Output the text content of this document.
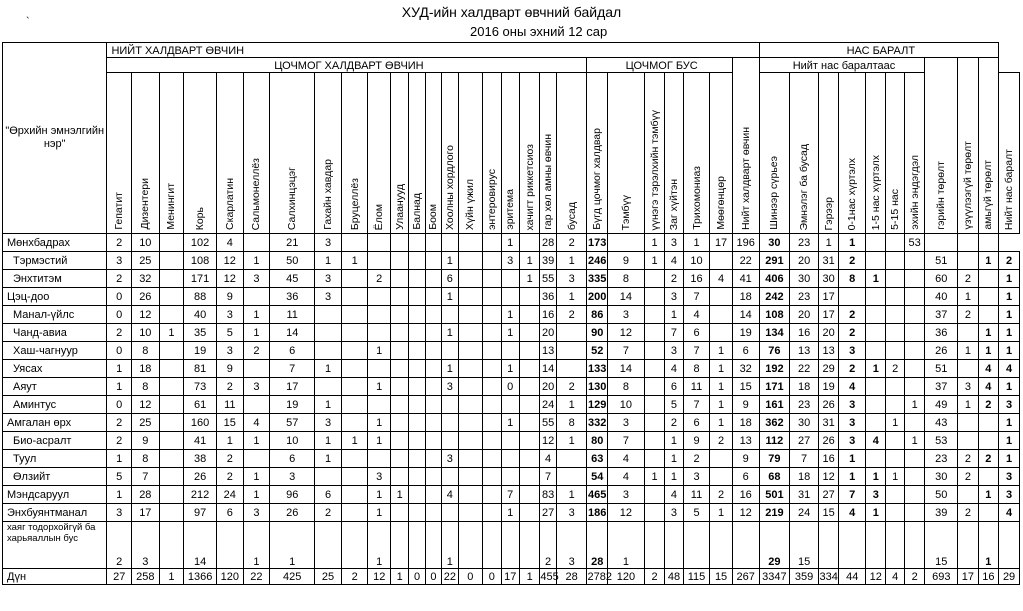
`
ХУД-ийн халдварт өвчний байдал
2016 оны эхний 12 сар
"Өрхийн эмнэлгийн нэр"	НИЙТ ХАЛДВАРТ ӨВЧИН																											НАС БАРАЛТ										
	ЦОЧМОГ ХАЛДВАРТ ӨВЧИН																				ЦОЧМОГ БУС						Нийт халдварт өвчин	Нийт нас баралтаас							гэрийн төрөлт	үзүүлээгүй төрөлт	амьгүй төрөлт	

	Гепатит	Дизентери	Менингит	Корь	Скарлатин	Сальмонеллёз	Салхинцэцэг	Гахайн хавдар	Бруцеллёз	Ёлом	Улаанууд	Балнад	Боом	Хоолны хордлого	Хүйн үжил	энтеровирус	эритема	хачигт риккетсиоз	гар хөл амны өвчин	бусад	Бүгд цочмог халдвар	Тэмбүү	үүнэгэ тэрэлхийн тэмбүү	Заг хүйтэн	Трихомониаз	Мөөгөнцөр		Шинээр сүрьеэ	Эмнэлэг ба бусад	Гэрээр	0-1нас хүртэлх	1-5 нас хүртэлх	5-15 нас	эхийн эндэгдэл				Нийт нас баралт

Мөнхбадрах	2	10		102	4		21	3									1		28	2	173		1	3	1	17	196	30	23	1	1			53				
Тэрмэстий	3	25		108	12	1	50	1	1					1			3	1	39	1	246	9	1	4	10		22	291	20	31	2				51		1	2
Энхтитэм	2	32		171	12	3	45	3		2				6				1	55	3	335	8		2	16	4	41	406	30	30	8	1			60	2		1
Цэц-доо	0	26		88	9		36	3						1					36	1	200	14		3	7		18	242	23	17					40	1		1
Манал-үйлс	0	12		40	3	1	11										1		16	2	86	3		1	4		14	108	20	17	2				37	2		1
Чанд-авиа	2	10	1	35	5	1	14							1			1		20		90	12		7	6		19	134	16	20	2				36		1	1
Хаш-чагнуур	0	8		19	3	2	6			1									13		52	7		3	7	1	6	76	13	13	3				26	1	1	1
Уясах	1	18		81	9		7	1						1			1		14		133	14		4	8	1	32	192	22	29	2	1	2		51		4	4
Аяут	1	8		73	2	3	17			1				3			0		20	2	130	8		6	11	1	15	171	18	19	4				37	3	4	1
Аминтус	0	12		61	11		19	1											24	1	129	10		5	7	1	9	161	23	26	3			1	49	1	2	3
Амгалан өрх	2	25		160	15	4	57	3		1							1		55	8	332	3		2	6	1	18	362	30	31	3		1		43			1
Био-асралт	2	9		41	1	1	10	1	1	1									12	1	80	7		1	9	2	13	112	27	26	3	4		1	53			1
Туул	1	8		38	2		6	1						3					4		63	4		1	2		9	79	7	16	1				23	2	2	1
Өлзийт	5	7		26	2	1	3			3									7		54	4	1	1	3		6	68	18	12	1	1	1		30	2		3
Мэндсаруул	1	28		212	24	1	96	6		1	1			4			7		83	1	465	3		4	11	2	16	501	31	27	7	3			50		1	3
Энхбуянтманал	3	17		97	6	3	26	2		1							1		27	3	186	12		3	5	1	12	219	24	15	4	1			39	2		4
хаяг тодорхойгүй ба харьяаллын бус	2	3		14		1	1			1				1					2	3	28	1						29	15						15		1	
Дүн	27	258	1	1366	120	22	425	25	2	12	1	0	0	22	0	0	17	1	455	28	2782	120	2	48	115	15	267	3347	359	334	44	12	4	2	693	17	16	29
